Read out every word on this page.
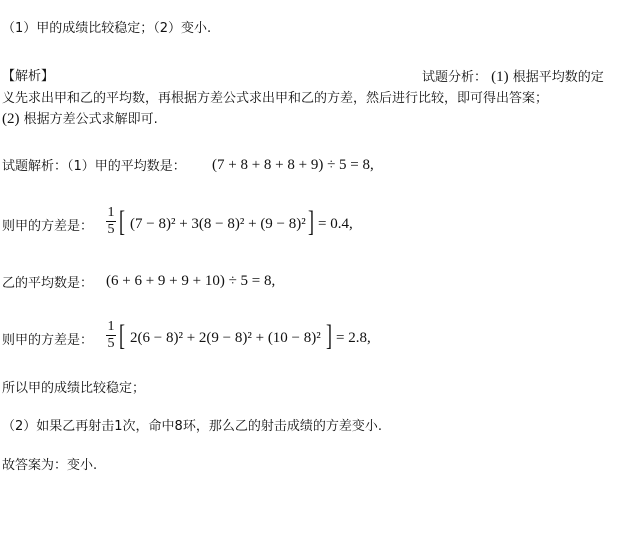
（1）甲的成绩比较稳定；（2）变小.
【解析】	试题分析： (1) 根据平均数的定
义先求出甲和乙的平均数，再根据方差公式求出甲和乙的方差，然后进行比较，即可得出答案；
(2) 根据方差公式求解即可.
试题解析：（1）甲的平均数是： (7 + 8 + 8 + 8 + 9) ÷ 5 = 8,
则甲的方差是：
1
5 [ (7 − 8)² + 3(8 − 8)² + (9 − 8)² ] = 0.4,
乙的平均数是： (6 + 6 + 9 + 9 + 10) ÷ 5 = 8,
则甲的方差是：
1
5 [ 2(6 − 8)² + 2(9 − 8)² + (10 − 8)² ] = 2.8,
所以甲的成绩比较稳定；
（2）如果乙再射击1次，命中8环，那么乙的射击成绩的方差变小.
故答案为：变小.
